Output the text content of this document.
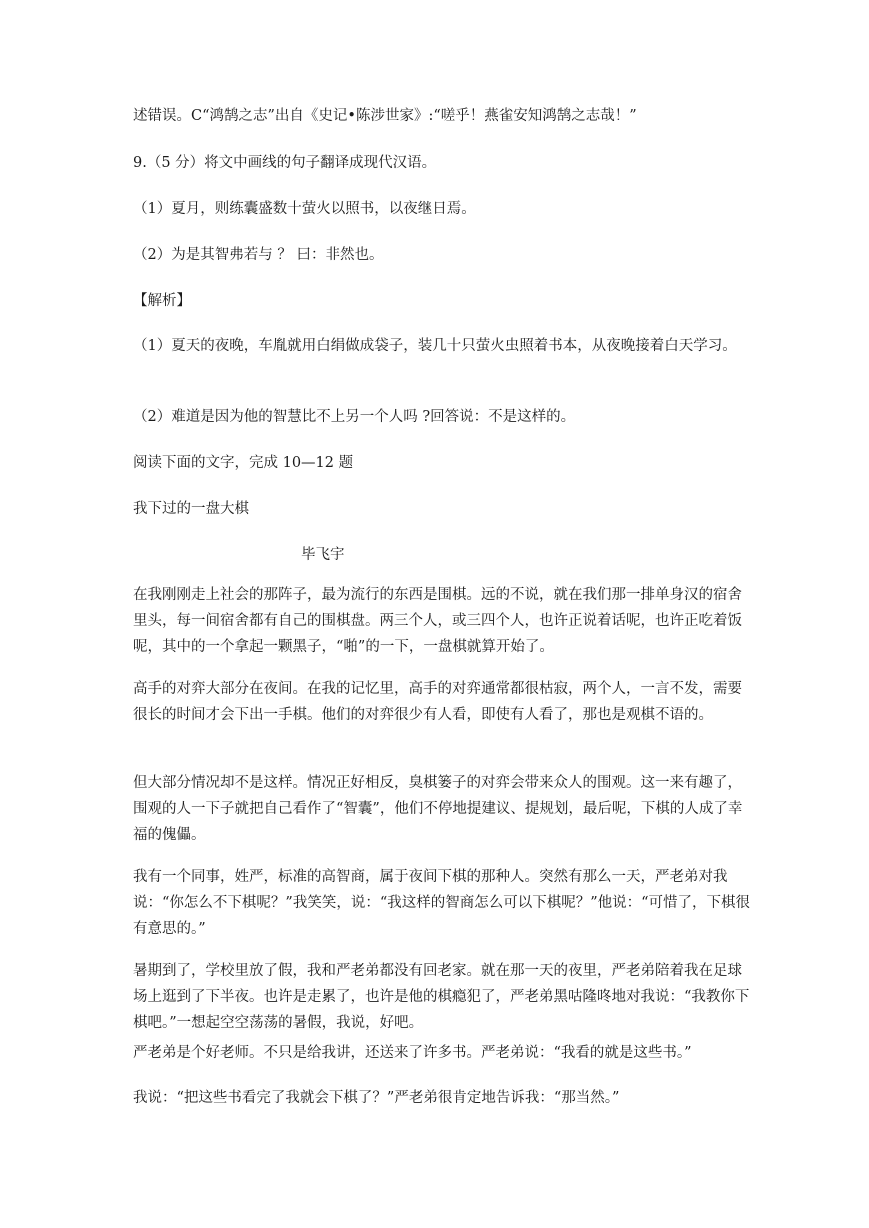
述错误。C“鸿鹄之志”出自《史记•陈涉世家》:“嗟乎！燕雀安知鸿鹄之志哉！”

9.（5 分）将文中画线的句子翻译成现代汉语。

（1）夏月，则练囊盛数十萤火以照书，以夜继日焉。

（2）为是其智弗若与 ？ 曰：非然也。

【解析】

（1）夏天的夜晚，车胤就用白绢做成袋子，装几十只萤火虫照着书本，从夜晚接着白天学习。

（2）难道是因为他的智慧比不上另一个人吗 ?回答说：不是这样的。

阅读下面的文字，完成 10—12 题

我下过的一盘大棋

毕飞宇

在我刚刚走上社会的那阵子，最为流行的东西是围棋。远的不说，就在我们那一排单身汉的宿舍里头，每一间宿舍都有自己的围棋盘。两三个人，或三四个人，也许正说着话呢，也许正吃着饭呢，其中的一个拿起一颗黑子，“啪”的一下，一盘棋就算开始了。

高手的对弈大部分在夜间。在我的记忆里，高手的对弈通常都很枯寂，两个人，一言不发，需要很长的时间才会下出一手棋。他们的对弈很少有人看，即使有人看了，那也是观棋不语的。

但大部分情况却不是这样。情况正好相反，臭棋篓子的对弈会带来众人的围观。这一来有趣了，围观的人一下子就把自己看作了“智囊”，他们不停地提建议、提规划，最后呢，下棋的人成了幸福的傀儡。

我有一个同事，姓严，标准的高智商，属于夜间下棋的那种人。突然有那么一天，严老弟对我说：“你怎么不下棋呢？”我笑笑，说：“我这样的智商怎么可以下棋呢？”他说：“可惜了，下棋很有意思的。”

暑期到了，学校里放了假，我和严老弟都没有回老家。就在那一天的夜里，严老弟陪着我在足球场上逛到了下半夜。也许是走累了，也许是他的棋瘾犯了，严老弟黑咕隆咚地对我说：“我教你下棋吧。”一想起空空荡荡的暑假，我说，好吧。

严老弟是个好老师。不只是给我讲，还送来了许多书。严老弟说：“我看的就是这些书。”

我说：“把这些书看完了我就会下棋了？”严老弟很肯定地告诉我：“那当然。”
